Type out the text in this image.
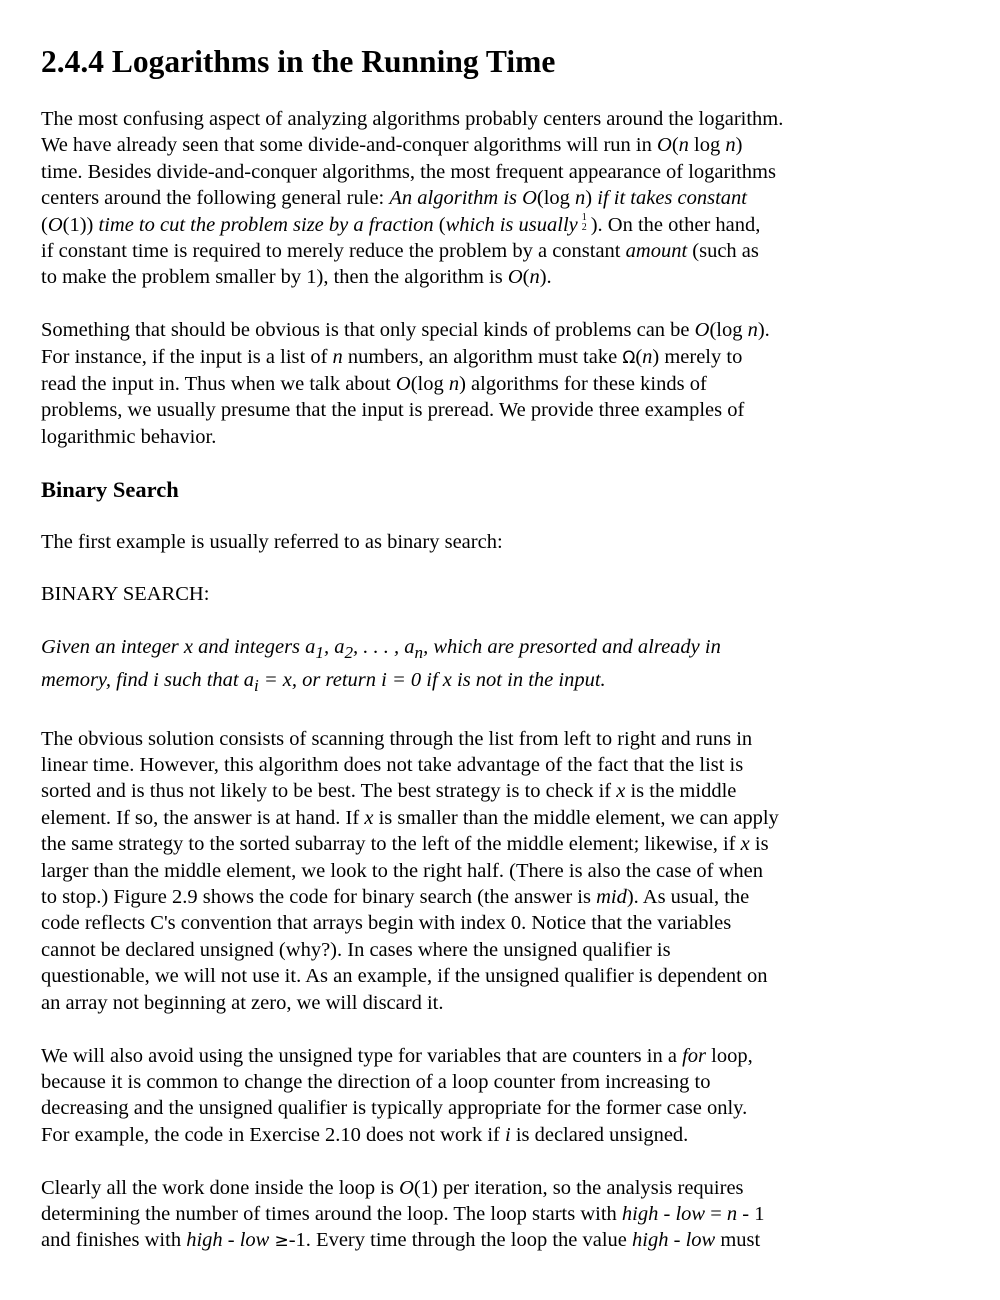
2.4.4 Logarithms in the Running Time

The most confusing aspect of analyzing algorithms probably centers around the logarithm.
We have already seen that some divide-and-conquer algorithms will run in O(n log n)
time. Besides divide-and-conquer algorithms, the most frequent appearance of logarithms
centers around the following general rule: An algorithm is O(log n) if it takes constant
(O(1)) time to cut the problem size by a fraction (which is usually 1
2 ). On the other hand,
if constant time is required to merely reduce the problem by a constant amount (such as
to make the problem smaller by 1), then the algorithm is O(n).

Something that should be obvious is that only special kinds of problems can be O(log n).
For instance, if the input is a list of n numbers, an algorithm must take Ω(n) merely to
read the input in. Thus when we talk about O(log n) algorithms for these kinds of
problems, we usually presume that the input is preread. We provide three examples of
logarithmic behavior.

Binary Search

The first example is usually referred to as binary search:

BINARY SEARCH:

Given an integer x and integers $a_1$, $a_2$, . . . , $a_n$, which are presorted and already in
memory, find i such that $a_i = x$, or return i = 0 if x is not in the input.

The obvious solution consists of scanning through the list from left to right and runs in
linear time. However, this algorithm does not take advantage of the fact that the list is
sorted and is thus not likely to be best. The best strategy is to check if x is the middle
element. If so, the answer is at hand. If x is smaller than the middle element, we can apply
the same strategy to the sorted subarray to the left of the middle element; likewise, if x is
larger than the middle element, we look to the right half. (There is also the case of when
to stop.) Figure 2.9 shows the code for binary search (the answer is mid). As usual, the
code reflects C's convention that arrays begin with index 0. Notice that the variables
cannot be declared unsigned (why?). In cases where the unsigned qualifier is
questionable, we will not use it. As an example, if the unsigned qualifier is dependent on
an array not beginning at zero, we will discard it.

We will also avoid using the unsigned type for variables that are counters in a for loop,
because it is common to change the direction of a loop counter from increasing to
decreasing and the unsigned qualifier is typically appropriate for the former case only.
For example, the code in Exercise 2.10 does not work if i is declared unsigned.

Clearly all the work done inside the loop is O(1) per iteration, so the analysis requires
determining the number of times around the loop. The loop starts with high - low = n - 1
and finishes with high - low ≥-1. Every time through the loop the value high - low must
